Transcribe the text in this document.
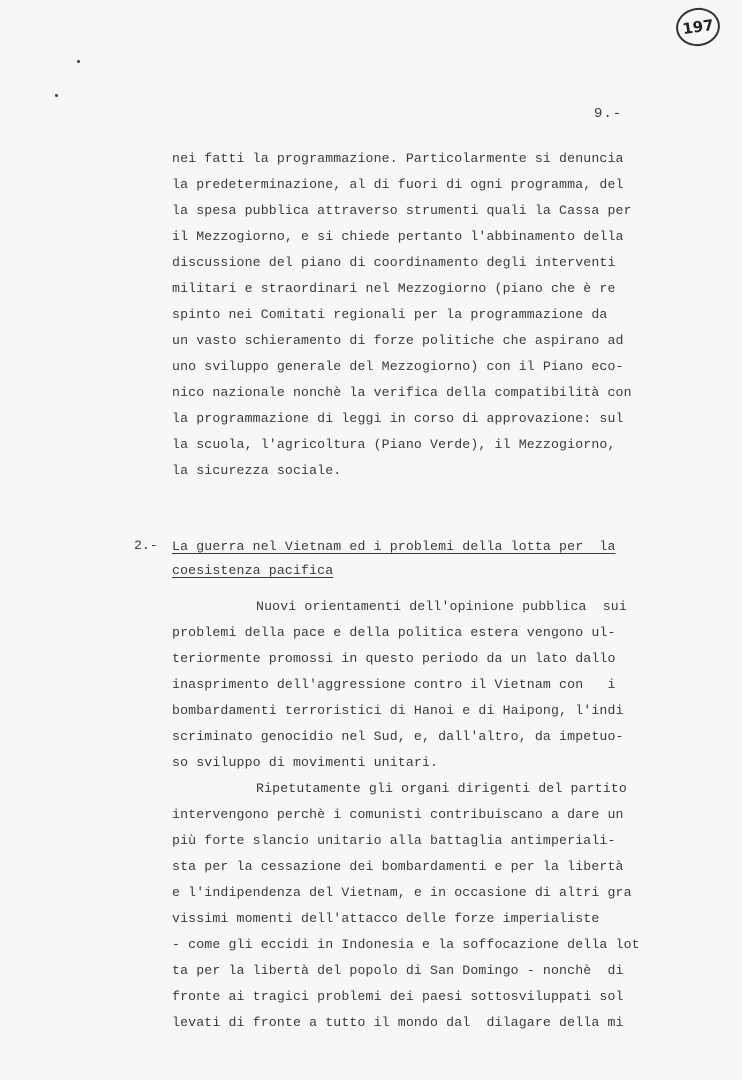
197
9.-
nei fatti la programmazione. Particolarmente si denuncia
la predeterminazione, al di fuori di ogni programma, del
la spesa pubblica attraverso strumenti quali la Cassa per
il Mezzogiorno, e si chiede pertanto l'abbinamento della
discussione del piano di coordinamento degli interventi
militari e straordinari nel Mezzogiorno (piano che è re
spinto nei Comitati regionali per la programmazione da
un vasto schieramento di forze politiche che aspirano ad
uno sviluppo generale del Mezzogiorno) con il Piano eco-
nico nazionale nonchè la verifica della compatibilità con
la programmazione di leggi in corso di approvazione: sul
la scuola, l'agricoltura (Piano Verde), il Mezzogiorno,
la sicurezza sociale.
2.- La guerra nel Vietnam ed i problemi della lotta per  la
coesistenza pacifica
Nuovi orientamenti dell'opinione pubblica  sui
problemi della pace e della politica estera vengono ul-
teriormente promossi in questo periodo da un lato dallo
inasprimento dell'aggressione contro il Vietnam con   i
bombardamenti terroristici di Hanoi e di Haipong, l'indi
scriminato genocidio nel Sud, e, dall'altro, da impetuo-
so sviluppo di movimenti unitari.
Ripetutamente gli organi dirigenti del partito
intervengono perchè i comunisti contribuiscano a dare un
più forte slancio unitario alla battaglia antimperiali-
sta per la cessazione dei bombardamenti e per la libertà
e l'indipendenza del Vietnam, e in occasione di altri gra
vissimi momenti dell'attacco delle forze imperialiste
- come gli eccidi in Indonesia e la soffocazione della lot
ta per la libertà del popolo di San Domingo - nonchè  di
fronte ai tragici problemi dei paesi sottosviluppati sol
levati di fronte a tutto il mondo dal  dilagare della mi
